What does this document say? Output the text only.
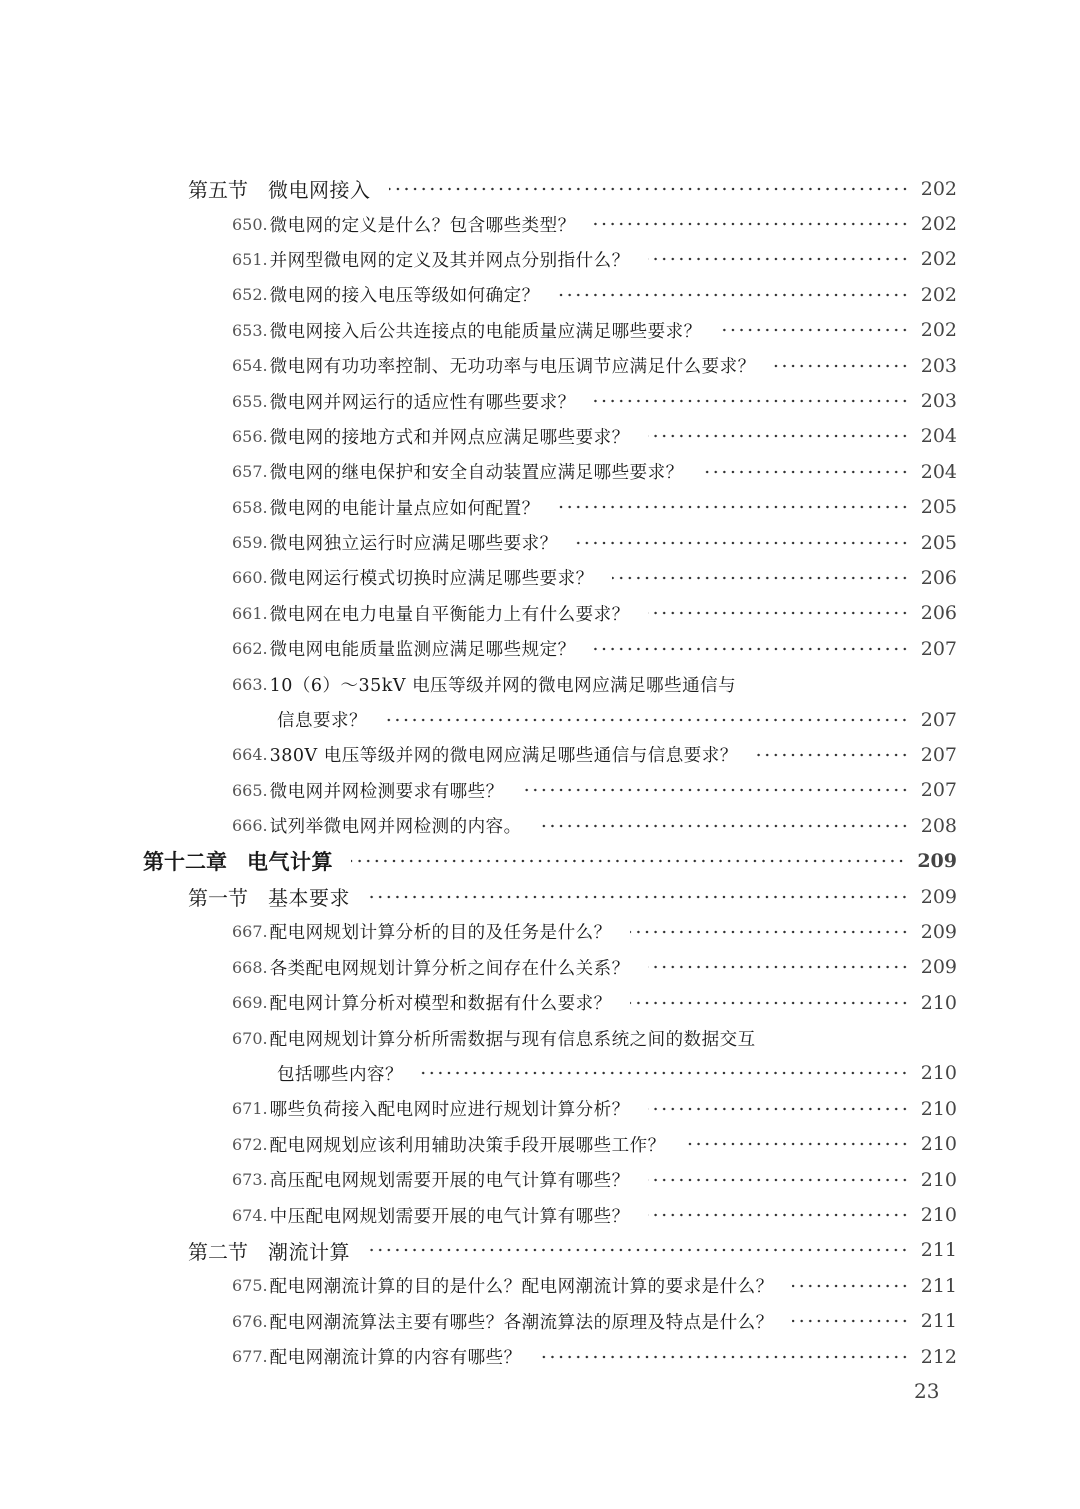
第五节 微电网接入	202
650. 微电网的定义是什么？包含哪些类型？	202
651. 并网型微电网的定义及其并网点分别指什么？	202
652. 微电网的接入电压等级如何确定？	202
653. 微电网接入后公共连接点的电能质量应满足哪些要求？	202
654. 微电网有功功率控制、无功功率与电压调节应满足什么要求？	203
655. 微电网并网运行的适应性有哪些要求？	203
656. 微电网的接地方式和并网点应满足哪些要求？	204
657. 微电网的继电保护和安全自动装置应满足哪些要求？	204
658. 微电网的电能计量点应如何配置？	205
659. 微电网独立运行时应满足哪些要求？	205
660. 微电网运行模式切换时应满足哪些要求？	206
661. 微电网在电力电量自平衡能力上有什么要求？	206
662. 微电网电能质量监测应满足哪些规定？	207
663. 10（6）～35kV 电压等级并网的微电网应满足哪些通信与
信息要求？	207
664. 380V 电压等级并网的微电网应满足哪些通信与信息要求？	207
665. 微电网并网检测要求有哪些？	207
666. 试列举微电网并网检测的内容。	208
第十二章 电气计算	209
第一节 基本要求	209
667. 配电网规划计算分析的目的及任务是什么？	209
668. 各类配电网规划计算分析之间存在什么关系？	209
669. 配电网计算分析对模型和数据有什么要求？	210
670. 配电网规划计算分析所需数据与现有信息系统之间的数据交互
包括哪些内容？	210
671. 哪些负荷接入配电网时应进行规划计算分析？	210
672. 配电网规划应该利用辅助决策手段开展哪些工作？	210
673. 高压配电网规划需要开展的电气计算有哪些？	210
674. 中压配电网规划需要开展的电气计算有哪些？	210
第二节 潮流计算	211
675. 配电网潮流计算的目的是什么？配电网潮流计算的要求是什么？	211
676. 配电网潮流算法主要有哪些？各潮流算法的原理及特点是什么？	211
677. 配电网潮流计算的内容有哪些？	212
23
